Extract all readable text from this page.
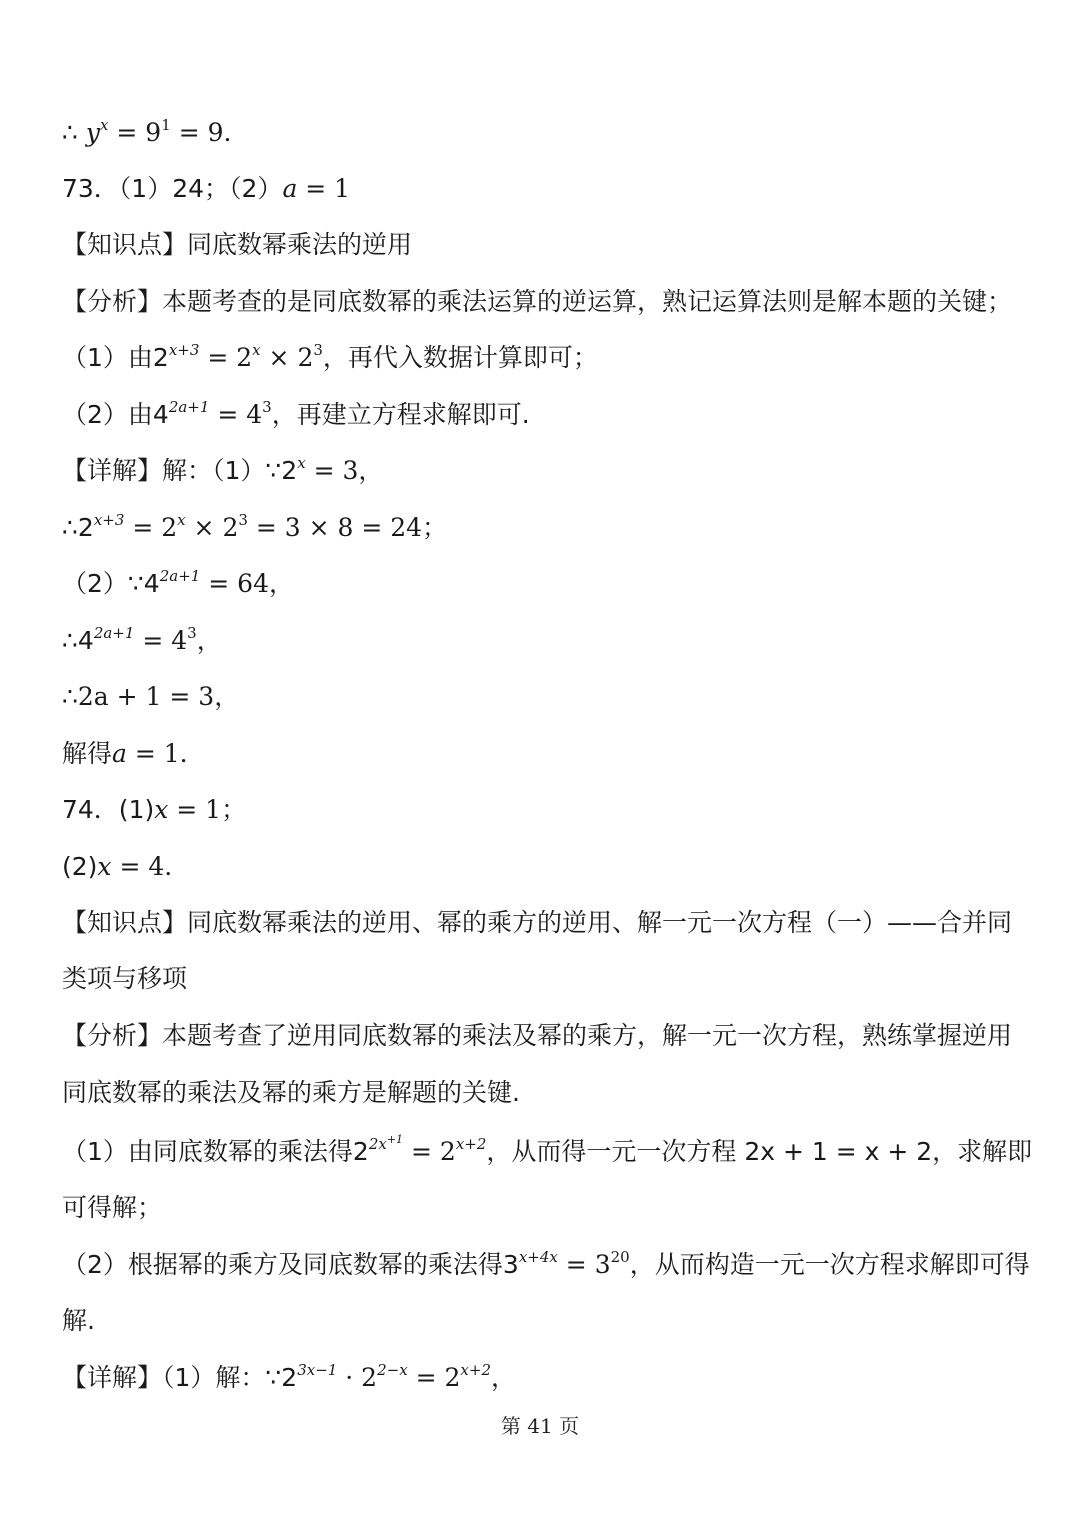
∴ $y^x = 9^1 = 9$.
73．（1）24；（2）a = 1
【知识点】同底数幂乘法的逆用
【分析】本题考查的是同底数幂的乘法运算的逆运算，熟记运算法则是解本题的关键；
（1）由$2^{x+3} = 2^x \times 2^3$，再代入数据计算即可；
（2）由$4^{2a+1} = 4^3$，再建立方程求解即可.
【详解】解：$(1)\because 2^x = 3$，
$\therefore 2^{x+3} = 2^x \times 2^3 = 3 \times 8 = 24$；
$(2)\because 4^{2a+1} = 64$，
$\therefore 4^{2a+1} = 4^3$，
∴2a + 1 = 3，
解得a = 1.
74．(1)x = 1；
(2)x = 4.
【知识点】同底数幂乘法的逆用、幂的乘方的逆用、解一元一次方程（一）——合并同
类项与移项
【分析】本题考查了逆用同底数幂的乘法及幂的乘方，解一元一次方程，熟练掌握逆用
同底数幂的乘法及幂的乘方是解题的关键.
（1）由同底数幂的乘法得$2^{2x^{+1}} = 2^{x+2}$，从而得一元一次方程 2x + 1 = x + 2，求解即
可得解；
（2）根据幂的乘方及同底数幂的乘法得$3^{x+4x} = 3^{20}$，从而构造一元一次方程求解即可得
解.
【详解】（1）解：$\because 2^{3x-1} \cdot 2^{2-x} = 2^{x+2}$，
第 41 页
